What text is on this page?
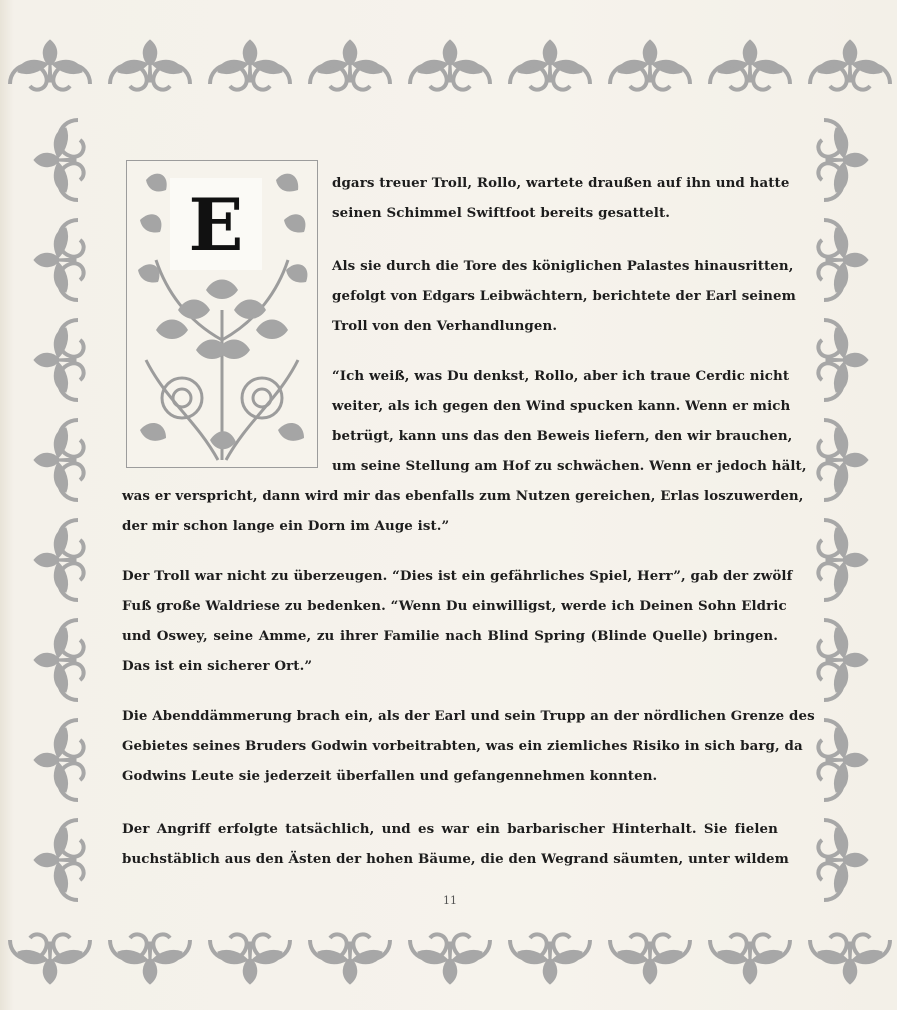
E	dgars treuer Troll, Rollo, wartete draußen auf ihn und hatte
seinen Schimmel Swiftfoot bereits gesattelt.
Als sie durch die Tore des königlichen Palastes hinausritten,
gefolgt von Edgars Leibwächtern, berichtete der Earl seinem
Troll von den Verhandlungen.
“Ich weiß, was Du denkst, Rollo, aber ich traue Cerdic nicht
weiter, als ich gegen den Wind spucken kann. Wenn er mich
betrügt, kann uns das den Beweis liefern, den wir brauchen,
um seine Stellung am Hof zu schwächen. Wenn er jedoch hält,
was er verspricht, dann wird mir das ebenfalls zum Nutzen gereichen, Erlas loszuwerden,
der mir schon lange ein Dorn im Auge ist.”
Der Troll war nicht zu überzeugen. “Dies ist ein gefährliches Spiel, Herr”, gab der zwölf
Fuß große Waldriese zu bedenken. “Wenn Du einwilligst, werde ich Deinen Sohn Eldric
und Oswey, seine Amme, zu ihrer Familie nach Blind Spring (Blinde Quelle) bringen.
Das ist ein sicherer Ort.”
Die Abenddämmerung brach ein, als der Earl und sein Trupp an der nördlichen Grenze des
Gebietes seines Bruders Godwin vorbeitrabten, was ein ziemliches Risiko in sich barg, da
Godwins Leute sie jederzeit überfallen und gefangennehmen konnten.
Der Angriff erfolgte tatsächlich, und es war ein barbarischer Hinterhalt. Sie fielen
buchstäblich aus den Ästen der hohen Bäume, die den Wegrand säumten, unter wildem
11
